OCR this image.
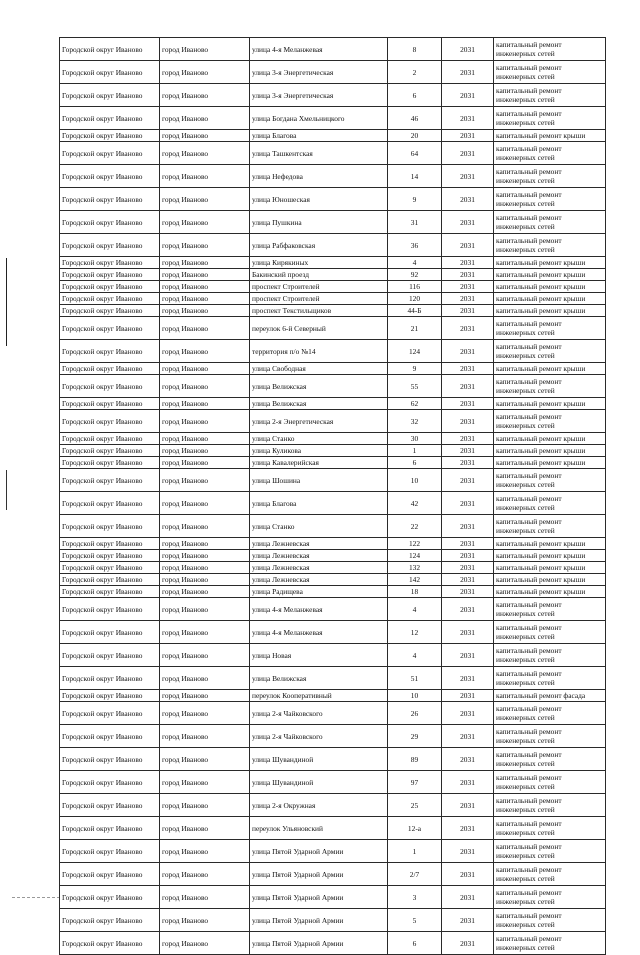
Городской округ Иваново	город Иваново	улица 4-я Меланжевая	8	2031	капитальный ремонт инженерных сетей
Городской округ Иваново	город Иваново	улица 3-я Энергетическая	2	2031	капитальный ремонт инженерных сетей
Городской округ Иваново	город Иваново	улица 3-я Энергетическая	6	2031	капитальный ремонт инженерных сетей
Городской округ Иваново	город Иваново	улица Богдана Хмельницкого	46	2031	капитальный ремонт инженерных сетей
Городской округ Иваново	город Иваново	улица Благова	20	2031	капитальный ремонт крыши
Городской округ Иваново	город Иваново	улица Ташкентская	64	2031	капитальный ремонт инженерных сетей
Городской округ Иваново	город Иваново	улица Нефедова	14	2031	капитальный ремонт инженерных сетей
Городской округ Иваново	город Иваново	улица Юношеская	9	2031	капитальный ремонт инженерных сетей
Городской округ Иваново	город Иваново	улица Пушкина	31	2031	капитальный ремонт инженерных сетей
Городской округ Иваново	город Иваново	улица Рабфаковская	36	2031	капитальный ремонт инженерных сетей
Городской округ Иваново	город Иваново	улица Кирякиных	4	2031	капитальный ремонт крыши
Городской округ Иваново	город Иваново	Бакинский проезд	92	2031	капитальный ремонт крыши
Городской округ Иваново	город Иваново	проспект Строителей	116	2031	капитальный ремонт крыши
Городской округ Иваново	город Иваново	проспект Строителей	120	2031	капитальный ремонт крыши
Городской округ Иваново	город Иваново	проспект Текстильщиков	44-Б	2031	капитальный ремонт крыши
Городской округ Иваново	город Иваново	переулок 6-й Северный	21	2031	капитальный ремонт инженерных сетей
Городской округ Иваново	город Иваново	территория п/о №14	124	2031	капитальный ремонт инженерных сетей
Городской округ Иваново	город Иваново	улица Свободная	9	2031	капитальный ремонт крыши
Городской округ Иваново	город Иваново	улица Велижская	55	2031	капитальный ремонт инженерных сетей
Городской округ Иваново	город Иваново	улица Велижская	62	2031	капитальный ремонт крыши
Городской округ Иваново	город Иваново	улица 2-я Энергетическая	32	2031	капитальный ремонт инженерных сетей
Городской округ Иваново	город Иваново	улица Станко	30	2031	капитальный ремонт крыши
Городской округ Иваново	город Иваново	улица Куликова	1	2031	капитальный ремонт крыши
Городской округ Иваново	город Иваново	улица Кавалерийская	6	2031	капитальный ремонт крыши
Городской округ Иваново	город Иваново	улица Шошина	10	2031	капитальный ремонт инженерных сетей
Городской округ Иваново	город Иваново	улица Благова	42	2031	капитальный ремонт инженерных сетей
Городской округ Иваново	город Иваново	улица Станко	22	2031	капитальный ремонт инженерных сетей
Городской округ Иваново	город Иваново	улица Лежневская	122	2031	капитальный ремонт крыши
Городской округ Иваново	город Иваново	улица Лежневская	124	2031	капитальный ремонт крыши
Городской округ Иваново	город Иваново	улица Лежневская	132	2031	капитальный ремонт крыши
Городской округ Иваново	город Иваново	улица Лежневская	142	2031	капитальный ремонт крыши
Городской округ Иваново	город Иваново	улица Радищева	18	2031	капитальный ремонт крыши
Городской округ Иваново	город Иваново	улица 4-я Меланжевая	4	2031	капитальный ремонт инженерных сетей
Городской округ Иваново	город Иваново	улица 4-я Меланжевая	12	2031	капитальный ремонт инженерных сетей
Городской округ Иваново	город Иваново	улица Новая	4	2031	капитальный ремонт инженерных сетей
Городской округ Иваново	город Иваново	улица Велижская	51	2031	капитальный ремонт инженерных сетей
Городской округ Иваново	город Иваново	переулок Кооперативный	10	2031	капитальный ремонт фасада
Городской округ Иваново	город Иваново	улица 2-я Чайковского	26	2031	капитальный ремонт инженерных сетей
Городской округ Иваново	город Иваново	улица 2-я Чайковского	29	2031	капитальный ремонт инженерных сетей
Городской округ Иваново	город Иваново	улица Шувандиной	89	2031	капитальный ремонт инженерных сетей
Городской округ Иваново	город Иваново	улица Шувандиной	97	2031	капитальный ремонт инженерных сетей
Городской округ Иваново	город Иваново	улица 2-я Окружная	25	2031	капитальный ремонт инженерных сетей
Городской округ Иваново	город Иваново	переулок Ульяновский	12-а	2031	капитальный ремонт инженерных сетей
Городской округ Иваново	город Иваново	улица Пятой Ударной Армии	1	2031	капитальный ремонт инженерных сетей
Городской округ Иваново	город Иваново	улица Пятой Ударной Армии	2/7	2031	капитальный ремонт инженерных сетей
Городской округ Иваново	город Иваново	улица Пятой Ударной Армии	3	2031	капитальный ремонт инженерных сетей
Городской округ Иваново	город Иваново	улица Пятой Ударной Армии	5	2031	капитальный ремонт инженерных сетей
Городской округ Иваново	город Иваново	улица Пятой Ударной Армии	6	2031	капитальный ремонт инженерных сетей
